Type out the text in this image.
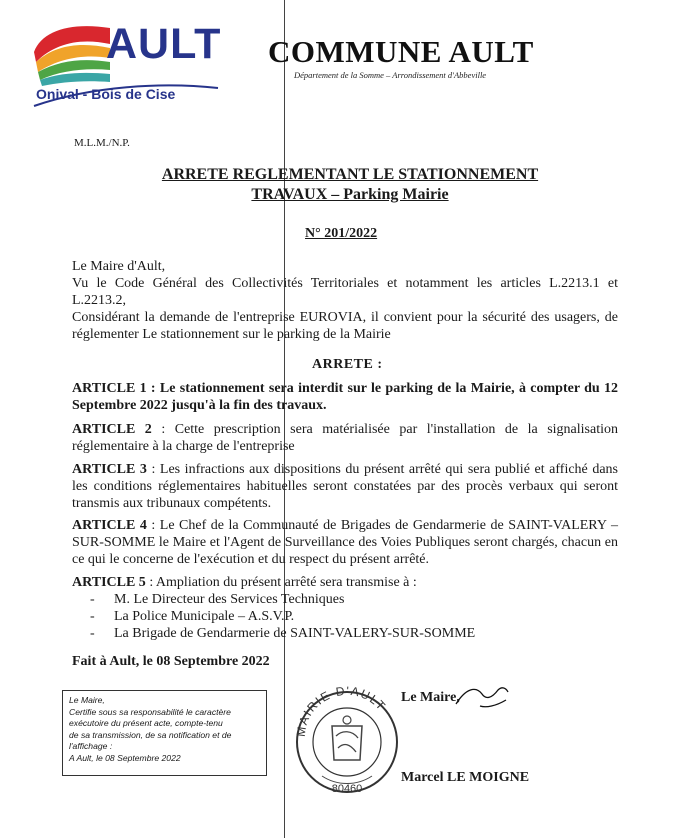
AULT
Onival - Bois de Cise
COMMUNE AULT
Département de la Somme – Arrondissement d'Abbeville
M.L.M./N.P.
ARRETE REGLEMENTANT LE STATIONNEMENT
TRAVAUX – Parking Mairie
N° 201/2022

Le Maire d'Ault,

Vu le Code Général des Collectivités Territoriales et notamment les articles L.2213.1 et L.2213.2,

Considérant la demande de l'entreprise EUROVIA, il convient pour la sécurité des usagers, de réglementer Le stationnement sur le parking de la Mairie

ARRETE :

ARTICLE 1 : Le stationnement sera interdit sur le parking de la Mairie, à compter du 12 Septembre 2022 jusqu'à la fin des travaux.

ARTICLE 2 : Cette prescription sera matérialisée par l'installation de la signalisation réglementaire à la charge de l'entreprise

ARTICLE 3 : Les infractions aux dispositions du présent arrêté qui sera publié et affiché dans les conditions réglementaires habituelles seront constatées par des procès verbaux qui seront transmis aux tribunaux compétents.

ARTICLE 4 : Le Chef de la Communauté de Brigades de Gendarmerie de SAINT-VALERY – SUR-SOMME le Maire et l'Agent de Surveillance des Voies Publiques seront chargés, chacun en ce qui le concerne de l'exécution et du respect du présent arrêté.

ARTICLE 5 : Ampliation du présent arrêté sera transmise à :

- M. Le Directeur des Services Techniques
- La Police Municipale – A.S.V.P.
- La Brigade de Gendarmerie de SAINT-VALERY-SUR-SOMME
Fait à Ault, le 08 Septembre 2022
Le Maire,
Certifie sous sa responsabilité le caractère
exécutoire du présent acte, compte-tenu
de sa transmission, de sa notification et de
l'affichage :
A Ault, le 08 Septembre 2022
MAIRIE D'AULT
80460
Le Maire,
Marcel LE MOIGNE
